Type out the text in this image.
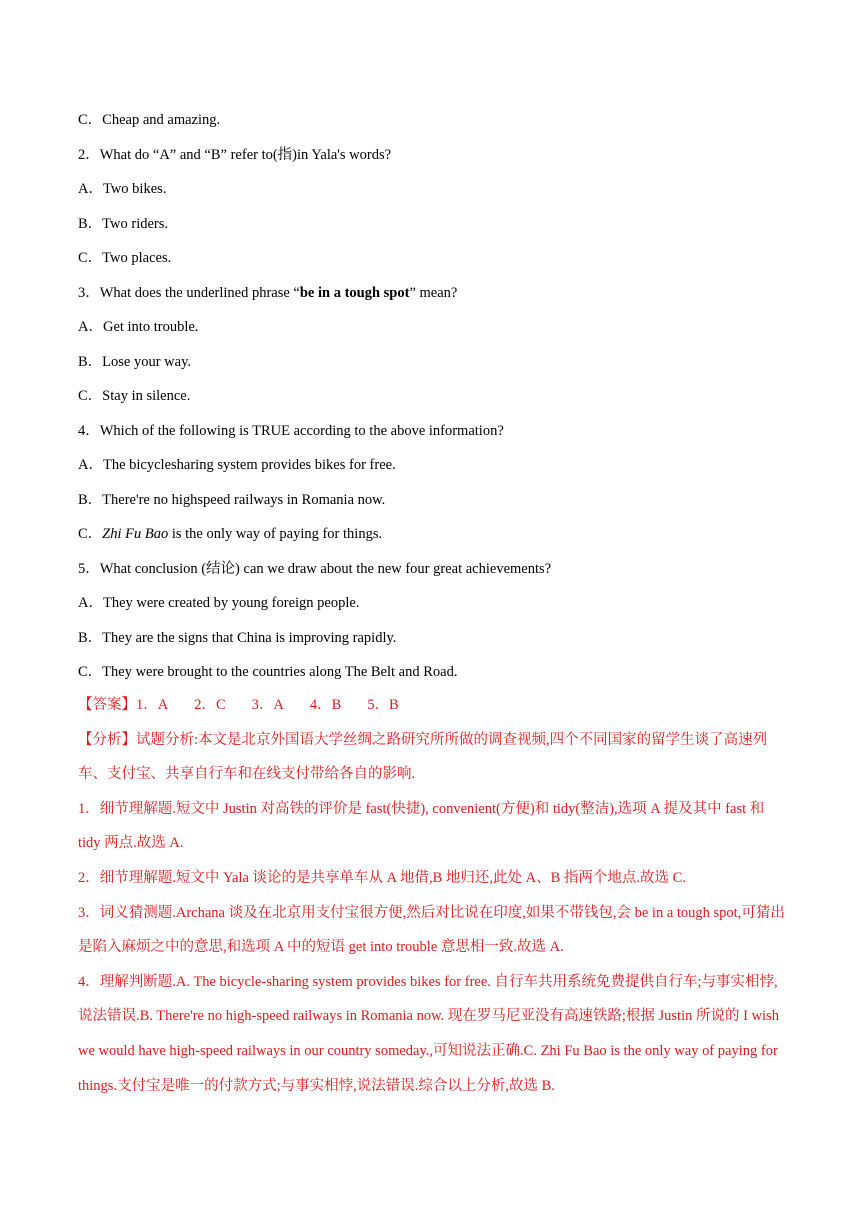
C．Cheap and amazing.
2．What do “A” and “B” refer to(指)in Yala's words?
A．Two bikes.
B．Two riders.
C．Two places.
3．What does the underlined phrase “be in a tough spot” mean?
A．Get into trouble.
B．Lose your way.
C．Stay in silence.
4．Which of the following is TRUE according to the above information?
A．The bicyclesharing system provides bikes for free.
B．There're no highspeed railways in Romania now.
C．Zhi Fu Bao is the only way of paying for things.
5．What conclusion (结论) can we draw about the new four great achievements?
A．They were created by young foreign people.
B．They are the signs that China is improving rapidly.
C．They were brought to the countries along The Belt and Road.

【答案】1．A 2．C 3．A 4．B 5．B

【分析】试题分析:本文是北京外国语大学丝绸之路研究所所做的调查视频,四个不同国家的留学生谈了高速列车、支付宝、共享自行车和在线支付带给各自的影响.

1．细节理解题.短文中 Justin 对高铁的评价是 fast(快捷), convenient(方便)和 tidy(整洁),选项 A 提及其中 fast 和 tidy 两点.故选 A.

2．细节理解题.短文中 Yala 谈论的是共享单车从 A 地借,B 地归还,此处 A、B 指两个地点.故选 C.

3．词义猜测题.Archana 谈及在北京用支付宝很方便,然后对比说在印度,如果不带钱包,会 be in a tough spot,可猜出是陷入麻烦之中的意思,和选项 A 中的短语 get into trouble 意思相一致.故选 A.

4．理解判断题.A. The bicycle-sharing system provides bikes for free. 自行车共用系统免费提供自行车;与事实相悖,说法错误.B. There're no high-speed railways in Romania now. 现在罗马尼亚没有高速铁路;根据 Justin 所说的 I wish we would have high-speed railways in our country someday.,可知说法正确.C. Zhi Fu Bao is the only way of paying for things.支付宝是唯一的付款方式;与事实相悖,说法错误.综合以上分析,故选 B.
